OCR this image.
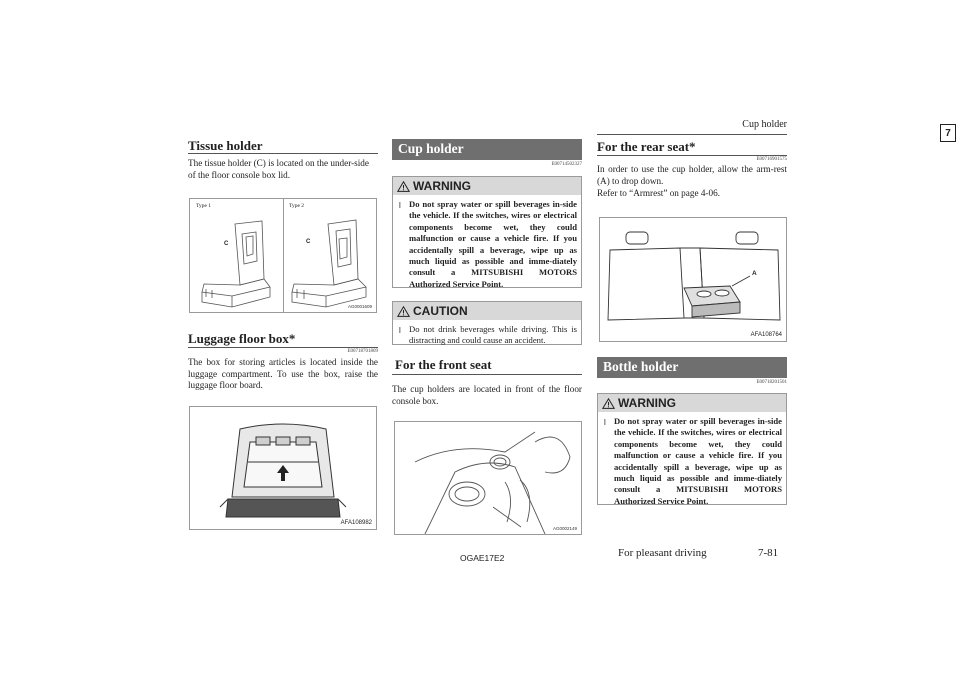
Cup holder
7
Tissue holder
The tissue holder (C) is located on the under-side of the floor console box lid.
Type 1	Type 2
C	C
AG0001609
Luggage floor box*
E00718701809
The box for storing articles is located inside the luggage compartment. To use the box, raise the luggage floor board.
AFA108982
Cup holder
E00714502327
WARNING
l Do not spray water or spill beverages in-side the vehicle. If the switches, wires or electrical components become wet, they could malfunction or cause a vehicle fire. If you accidentally spill a beverage, wipe up as much liquid as possible and imme-diately consult a MITSUBISHI MOTORS Authorized Service Point.
CAUTION
l Do not drink beverages while driving. This is distracting and could cause an accident.
For the front seat
The cup holders are located in front of the floor console box.
AG0002149
OGAE17E2
For the rear seat*
E00716901575
In order to use the cup holder, allow the arm-rest (A) to drop down.
Refer to “Armrest” on page 4-06.
A
AFA108764
Bottle holder
E00718201501
WARNING
l Do not spray water or spill beverages in-side the vehicle. If the switches, wires or electrical components become wet, they could malfunction or cause a vehicle fire. If you accidentally spill a beverage, wipe up as much liquid as possible and imme-diately consult a MITSUBISHI MOTORS Authorized Service Point.
For pleasant driving	7-81
